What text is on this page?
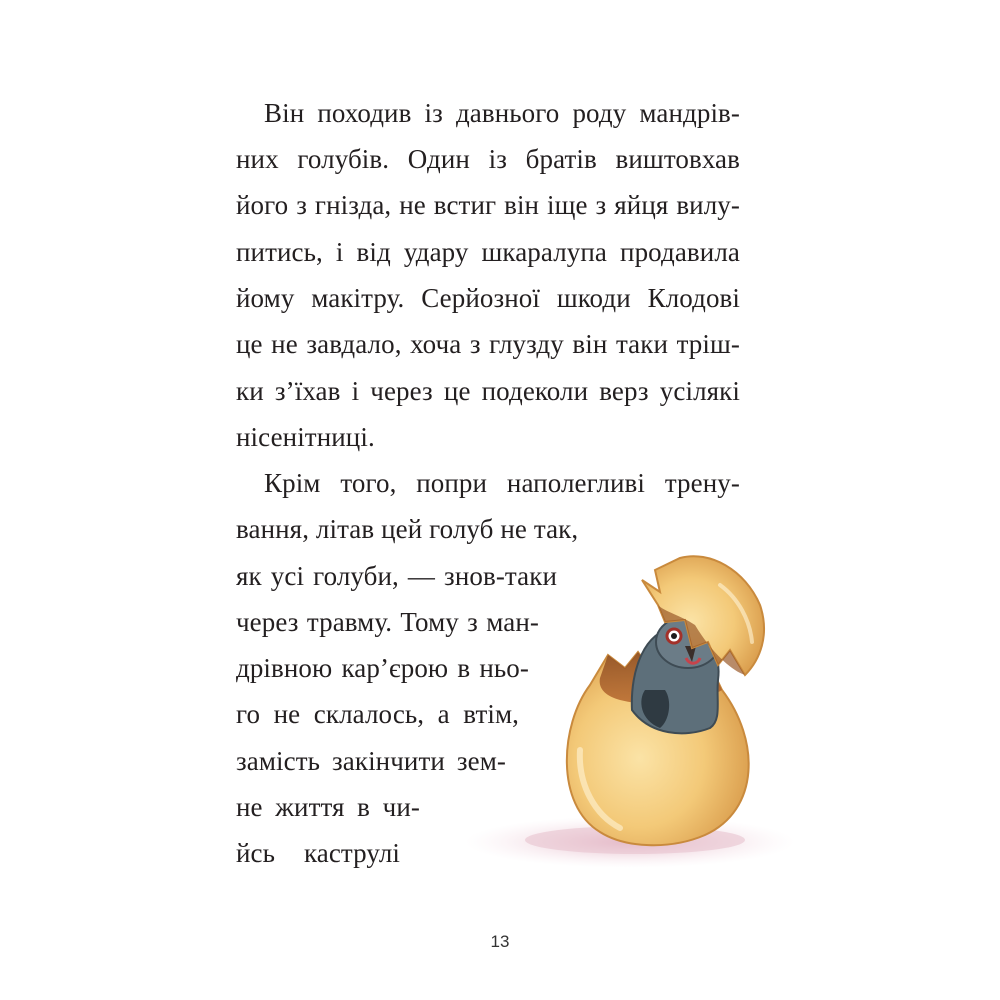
Він походив із давнього роду мандрів-
них голубів. Один із братів виштовхав
його з гнізда, не встиг він іще з яйця вилу-
питись, і від удару шкаралупа продавила
йому макітру. Серйозної шкоди Клодові
це не завдало, хоча з глузду він таки тріш-
ки з’їхав і через це подеколи верз усілякі
нісенітниці.
Крім того, попри наполегливі трену-
вання, літав цей голуб не так,
як усі голуби, — знов-таки
через травму. Тому з ман-
дрівною кар’єрою в ньо-
го не склалось, а втім,
замість закінчити зем-
не життя в чи-
йсь каструлі
13
